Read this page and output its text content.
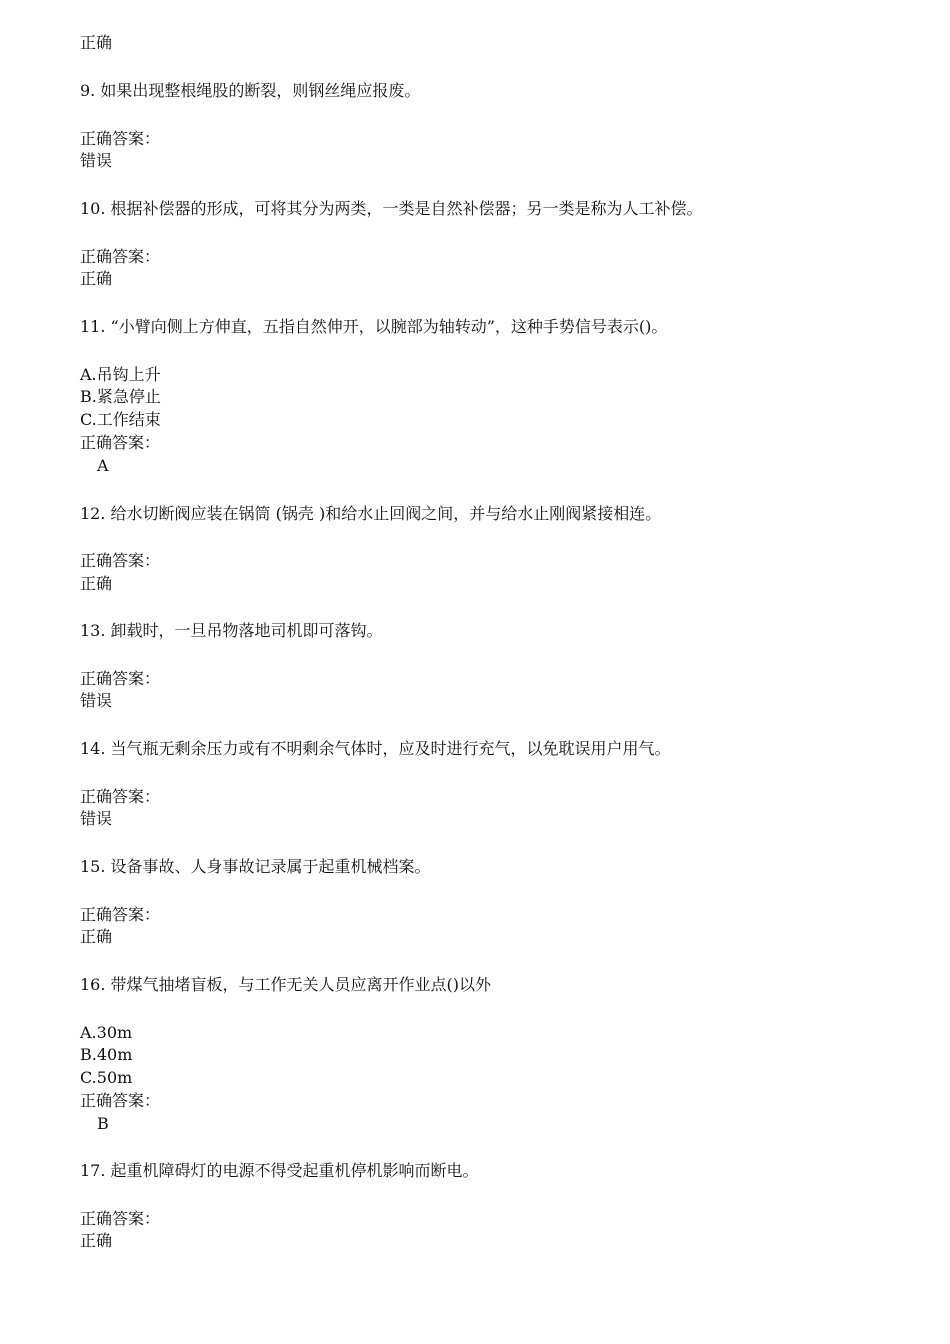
正确
9. 如果出现整根绳股的断裂，则钢丝绳应报废。
正确答案：
错误
10. 根据补偿器的形成，可将其分为两类，一类是自然补偿器；另一类是称为人工补偿。
正确答案：
正确
11. “小臂向侧上方伸直，五指自然伸开，以腕部为轴转动”，这种手势信号表示()。
A.吊钩上升
B.紧急停止
C.工作结束
正确答案：
A
12. 给水切断阀应装在锅筒 (锅壳 )和给水止回阀之间，并与给水止刚阀紧接相连。
正确答案：
正确
13. 卸载时，一旦吊物落地司机即可落钩。
正确答案：
错误
14. 当气瓶无剩余压力或有不明剩余气体时，应及时进行充气，以免耽误用户用气。
正确答案：
错误
15. 设备事故、人身事故记录属于起重机械档案。
正确答案：
正确
16. 带煤气抽堵盲板，与工作无关人员应离开作业点()以外
A.30m
B.40m
C.50m
正确答案：
B
17. 起重机障碍灯的电源不得受起重机停机影响而断电。
正确答案：
正确
